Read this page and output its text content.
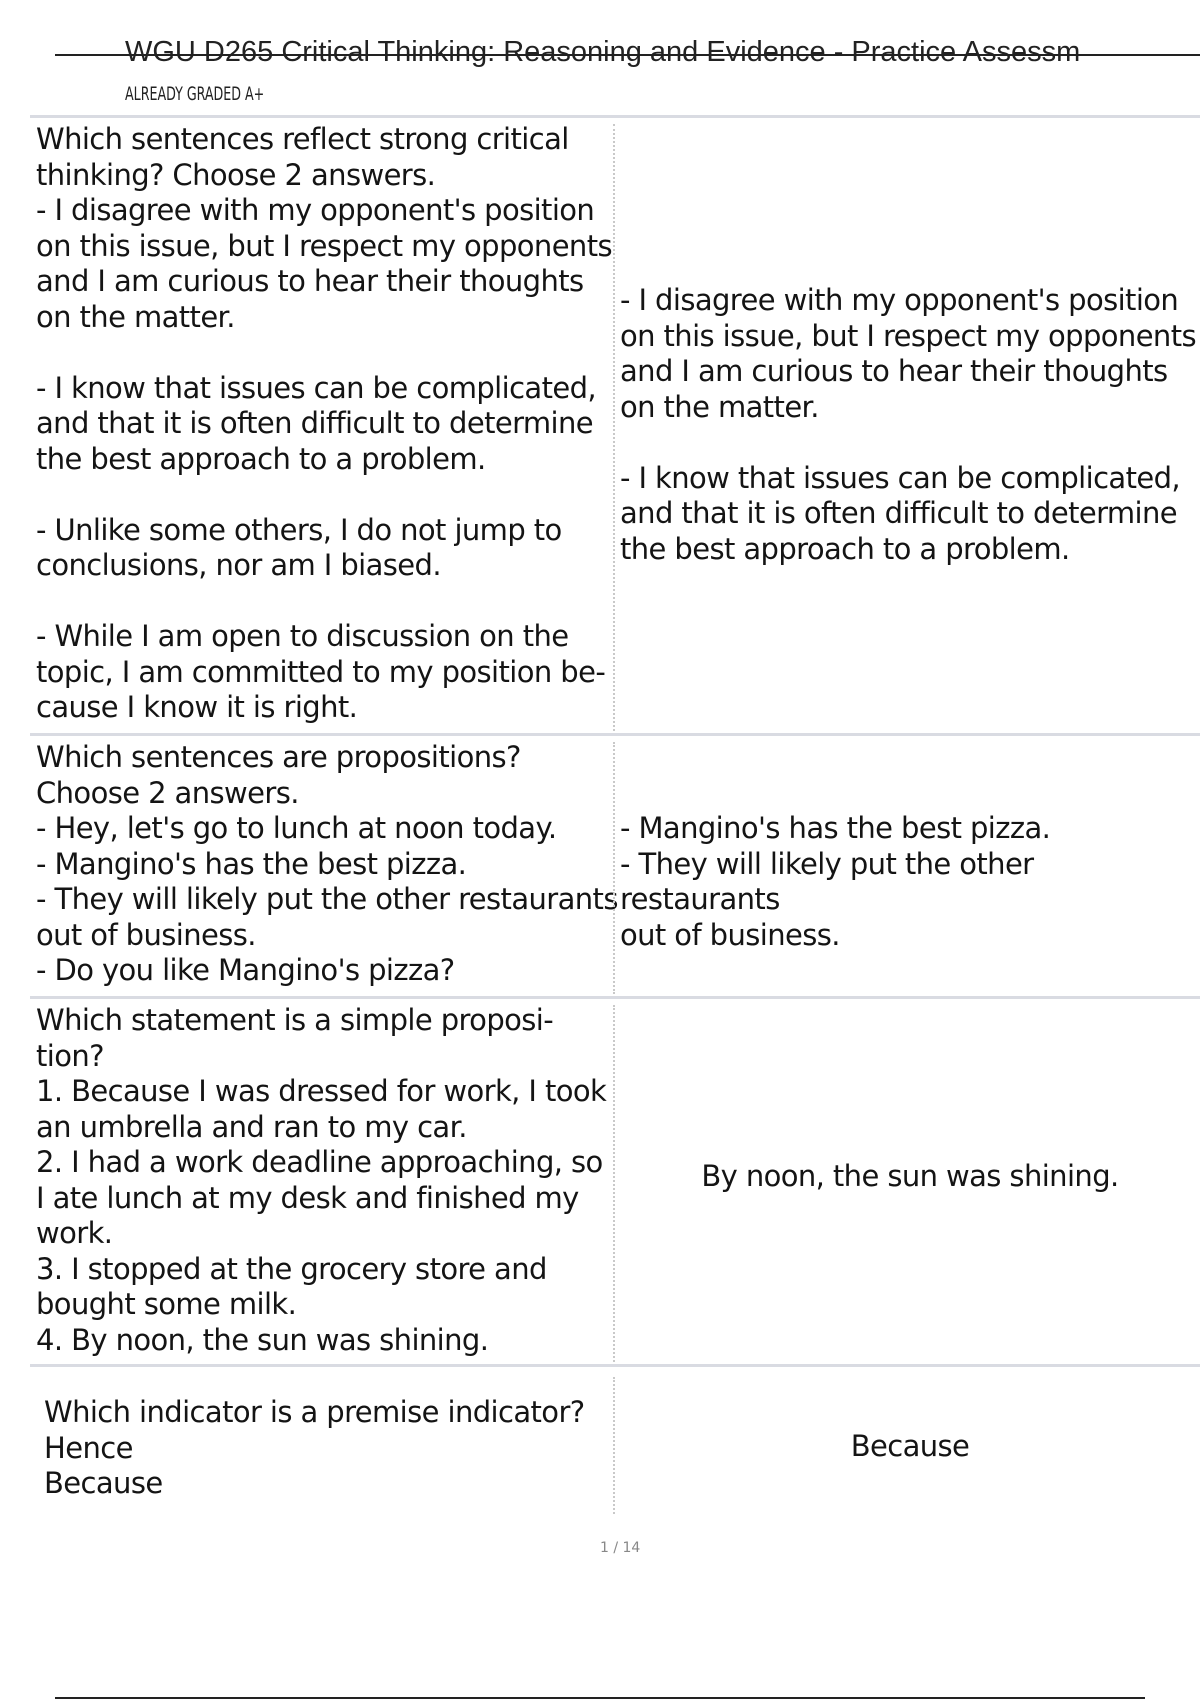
WGU D265 Critical Thinking: Reasoning and Evidence - Practice Assessm
ALREADY GRADED A+

Which sentences reflect strong critical
thinking? Choose 2 answers.
- I disagree with my opponent's position
on this issue, but I respect my opponents
and I am curious to hear their thoughts
on the matter.

- I know that issues can be complicated,
and that it is often difficult to determine
the best approach to a problem.

- Unlike some others, I do not jump to
conclusions, nor am I biased.

- While I am open to discussion on the
topic, I am committed to my position be-
cause I know it is right.

- I disagree with my opponent's position
on this issue, but I respect my opponents
and I am curious to hear their thoughts
on the matter.

- I know that issues can be complicated,
and that it is often difficult to determine
the best approach to a problem.

Which sentences are propositions?
Choose 2 answers.
- Hey, let's go to lunch at noon today.
- Mangino's has the best pizza.
- They will likely put the other restaurants
out of business.
- Do you like Mangino's pizza?

- Mangino's has the best pizza.
- They will likely put the other restaurants
out of business.

Which statement is a simple proposi-
tion?
1. Because I was dressed for work, I took
an umbrella and ran to my car.
2. I had a work deadline approaching, so
I ate lunch at my desk and finished my
work.
3. I stopped at the grocery store and
bought some milk.
4. By noon, the sun was shining.

By noon, the sun was shining.

Which indicator is a premise indicator?
Hence
Because

Because

1 / 14
